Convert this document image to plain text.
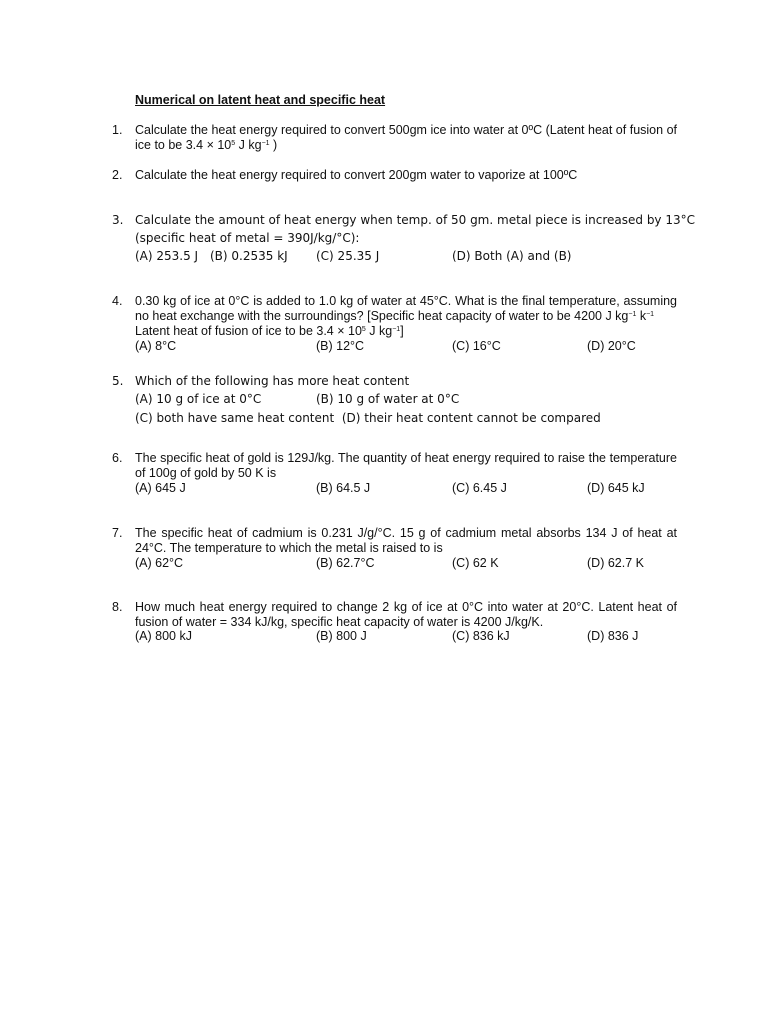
Numerical on latent heat and specific heat
1. Calculate the heat energy required to convert 500gm ice into water at 0ºC (Latent heat of fusion of ice to be $3.4 \times 10^5$ J $kg^{-1}$ )
2. Calculate the heat energy required to convert 200gm water to vaporize at 100ºC
3. Calculate the amount of heat energy when temp. of 50 gm. metal piece is increased by 13°C
(specific heat of metal = 390J/kg/°C):
(A) 253.5 J (B) 0.2535 kJ (C) 25.35 J	(D) Both (A) and (B)
4. 0.30 kg of ice at 0°C is added to 1.0 kg of water at 45°C. What is the final temperature, assuming no heat exchange with the surroundings? [Specific heat capacity of water to be 4200 J $kg^{-1}$ $k^{-1}$
Latent heat of fusion of ice to be $3.4 \times 10^5$ J $kg^{-1}$]
(A) 8°C	(B) 12°C	(C) 16°C	(D) 20°C
5. Which of the following has more heat content
(A) 10 g of ice at 0°C	(B) 10 g of water at 0°C
(C) both have same heat content  (D) their heat content cannot be compared
6. The specific heat of gold is 129J/kg. The quantity of heat energy required to raise the temperature of 100g of gold by 50 K is
(A) 645 J	(B) 64.5 J	(C) 6.45 J	(D) 645 kJ
7. The specific heat of cadmium is 0.231 J/g/°C. 15 g of cadmium metal absorbs 134 J of heat at 24°C. The temperature to which the metal is raised to is
(A) 62°C	(B) 62.7°C	(C) 62 K	(D) 62.7 K
8. How much heat energy required to change 2 kg of ice at 0°C into water at 20°C. Latent heat of fusion of water = 334 kJ/kg, specific heat capacity of water is 4200 J/kg/K.
(A) 800 kJ	(B) 800 J	(C) 836 kJ	(D) 836 J
